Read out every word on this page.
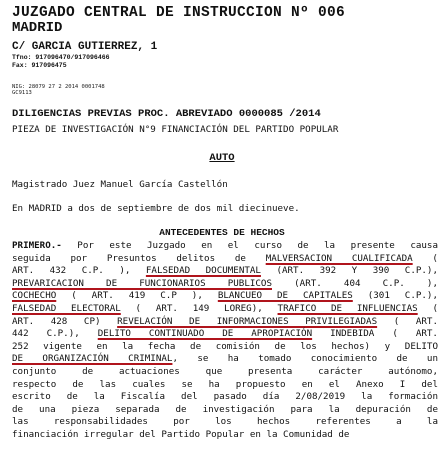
JUZGADO CENTRAL DE INSTRUCCION Nº 006
MADRID
C/ GARCIA GUTIERREZ, 1
Tfno: 917096470/917096466
Fax: 917096475
NIG: 28079 27 2 2014 0001748
GC9113
DILIGENCIAS PREVIAS PROC. ABREVIADO 0000085 /2014
PIEZA DE INVESTIGACIÓN N°9 FINANCIACIÓN DEL PARTIDO POPULAR
AUTO
Magistrado Juez Manuel García Castellón
En MADRID a dos de septiembre de dos mil diecinueve.
ANTECEDENTES DE HECHOS
PRIMERO.- Por este Juzgado en el curso de la presente causa
seguida por Presuntos delitos de MALVERSACION CUALIFICADA (
ART. 432 C.P. ), FALSEDAD DOCUMENTAL (ART. 392 Y 390 C.P.),
PREVARICACION DE FUNCIONARIOS PUBLICOS (ART. 404 C.P. ),
COCHECHO ( ART. 419 C.P ), BLANCUEO DE CAPITALES (301 C.P.),
FALSEDAD ELECTORAL ( ART. 149 LOREG), TRAFICO DE INFLUENCIAS (
ART. 428 CP) REVELACIÓN DE INFORMACIONES PRIVILEGIADAS ( ART.
442 C.P.), DELITO CONTINUADO DE APROPIACIÓN INDEBIDA ( ART.
252 vigente en la fecha de comisión de los hechos) y DELITO
DE ORGANIZACIÓN CRIMINAL, se ha tomado conocimiento de un
conjunto de actuaciones que presenta carácter autónomo,
respecto de las cuales se ha propuesto en el Anexo I del
escrito de la Fiscalía del pasado día 2/08/2019 la formación
de una pieza separada de investigación para la depuración de
las responsabilidades por los hechos referentes a la
financiación irregular del Partido Popular en la Comunidad de
